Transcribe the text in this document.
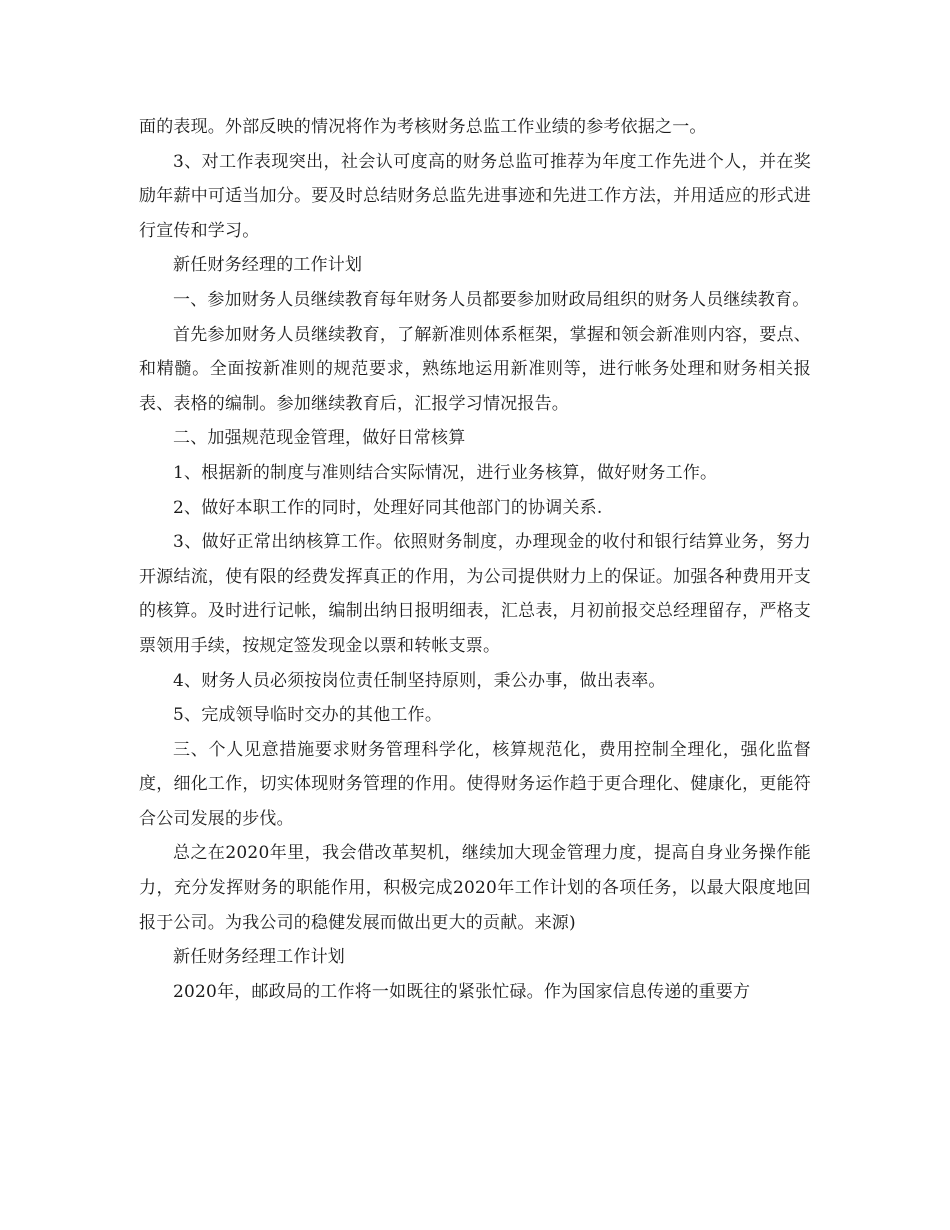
面的表现。外部反映的情况将作为考核财务总监工作业绩的参考依据之一。

3、对工作表现突出，社会认可度高的财务总监可推荐为年度工作先进个人，并在奖励年薪中可适当加分。要及时总结财务总监先进事迹和先进工作方法，并用适应的形式进行宣传和学习。

新任财务经理的工作计划

一、参加财务人员继续教育每年财务人员都要参加财政局组织的财务人员继续教育。

首先参加财务人员继续教育，了解新准则体系框架，掌握和领会新准则内容，要点、和精髓。全面按新准则的规范要求，熟练地运用新准则等，进行帐务处理和财务相关报表、表格的编制。参加继续教育后，汇报学习情况报告。

二、加强规范现金管理，做好日常核算

1、根据新的制度与准则结合实际情况，进行业务核算，做好财务工作。

2、做好本职工作的同时，处理好同其他部门的协调关系.

3、做好正常出纳核算工作。依照财务制度，办理现金的收付和银行结算业务，努力开源结流，使有限的经费发挥真正的作用，为公司提供财力上的保证。加强各种费用开支的核算。及时进行记帐，编制出纳日报明细表，汇总表，月初前报交总经理留存，严格支票领用手续，按规定签发现金以票和转帐支票。

4、财务人员必须按岗位责任制坚持原则，秉公办事，做出表率。

5、完成领导临时交办的其他工作。

三、个人见意措施要求财务管理科学化，核算规范化，费用控制全理化，强化监督度，细化工作，切实体现财务管理的作用。使得财务运作趋于更合理化、健康化，更能符合公司发展的步伐。

总之在2020年里，我会借改革契机，继续加大现金管理力度，提高自身业务操作能力，充分发挥财务的职能作用，积极完成2020年工作计划的各项任务，以最大限度地回报于公司。为我公司的稳健发展而做出更大的贡献。来源)

新任财务经理工作计划

2020年，邮政局的工作将一如既往的紧张忙碌。作为国家信息传递的重要方
